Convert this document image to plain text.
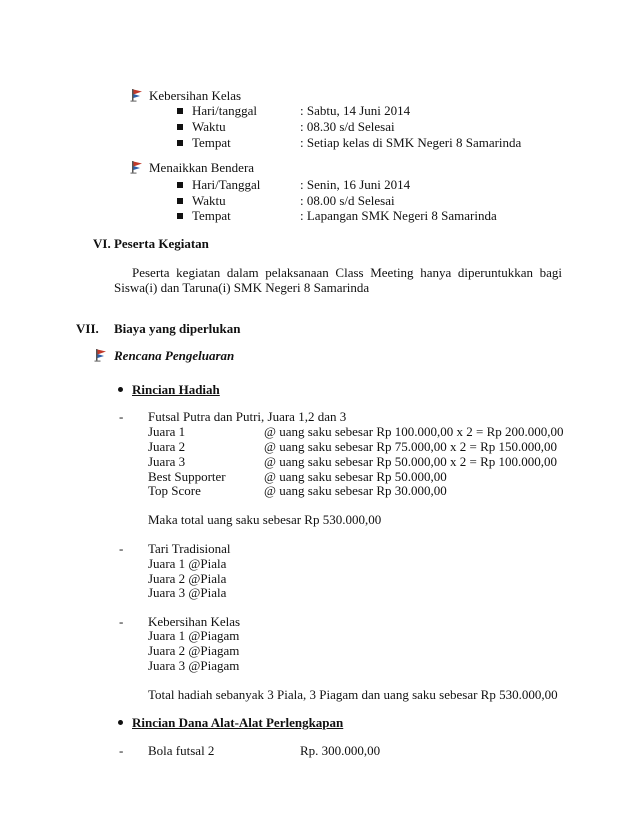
Kebersihan Kelas
Hari/tanggal	: Sabtu, 14 Juni 2014
Waktu	: 08.30 s/d Selesai
Tempat	: Setiap kelas di SMK Negeri 8 Samarinda
Menaikkan Bendera
Hari/Tanggal	: Senin, 16 Juni 2014
Waktu	: 08.00 s/d Selesai
Tempat	: Lapangan SMK Negeri 8 Samarinda
VI. Peserta Kegiatan
Peserta kegiatan dalam pelaksanaan Class Meeting hanya diperuntukkan bagi
Siswa(i) dan Taruna(i) SMK Negeri 8 Samarinda
VII. Biaya yang diperlukan
Rencana Pengeluaran
Rincian Hadiah
- Futsal Putra dan Putri, Juara 1,2 dan 3
Juara 1	@ uang saku sebesar Rp 100.000,00 x 2 = Rp 200.000,00
Juara 2	@ uang saku sebesar Rp 75.000,00 x 2 = Rp 150.000,00
Juara 3	@ uang saku sebesar Rp 50.000,00 x 2 = Rp 100.000,00
Best Supporter	@ uang saku sebesar Rp 50.000,00
Top Score	@ uang saku sebesar Rp 30.000,00
Maka total uang saku sebesar Rp 530.000,00
- Tari Tradisional
Juara 1 @Piala
Juara 2 @Piala
Juara 3 @Piala
- Kebersihan Kelas
Juara 1 @Piagam
Juara 2 @Piagam
Juara 3 @Piagam
Total hadiah sebanyak 3 Piala, 3 Piagam dan uang saku sebesar Rp 530.000,00
Rincian Dana Alat-Alat Perlengkapan
- Bola futsal 2	Rp. 300.000,00
